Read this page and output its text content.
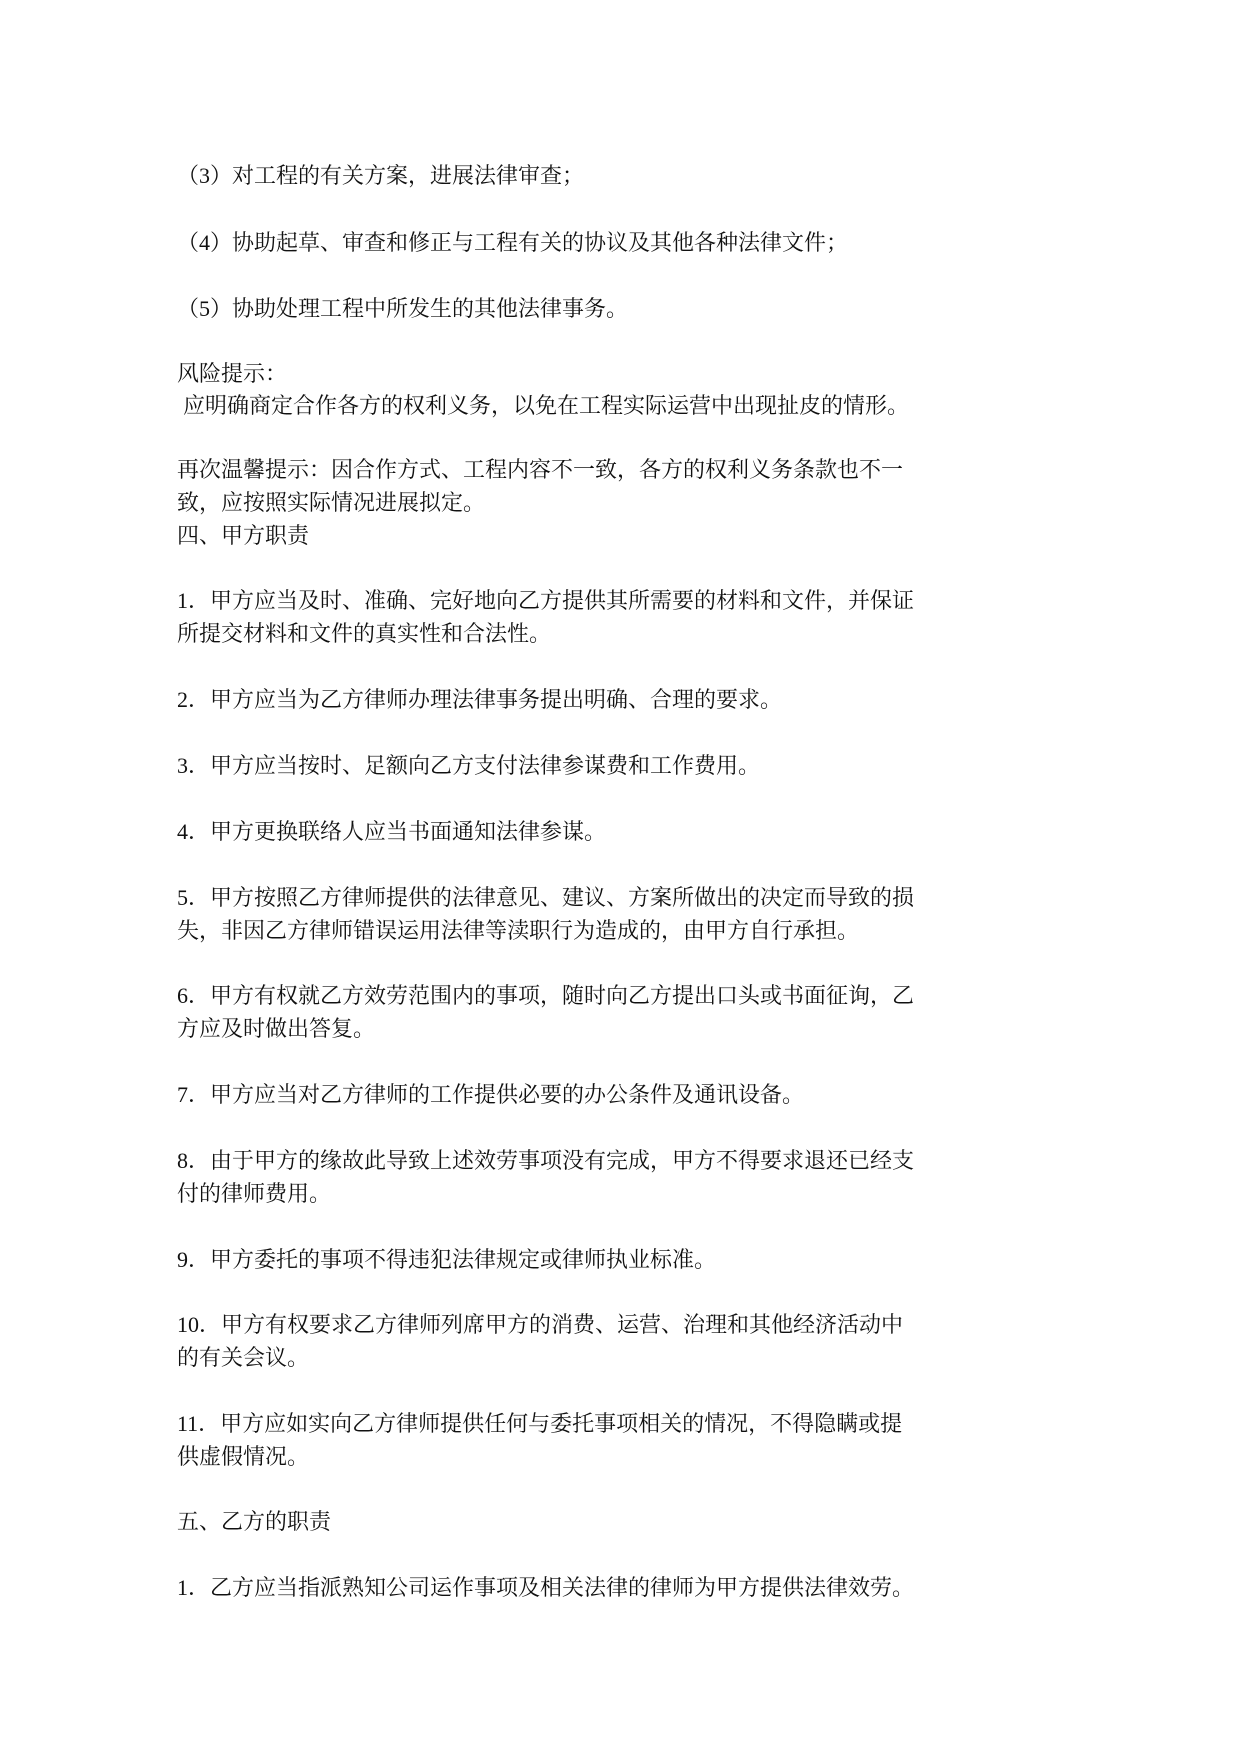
（3）对工程的有关方案，进展法律审查；
（4）协助起草、审查和修正与工程有关的协议及其他各种法律文件；
（5）协助处理工程中所发生的其他法律事务。
风险提示：
应明确商定合作各方的权利义务，以免在工程实际运营中出现扯皮的情形。
再次温馨提示：因合作方式、工程内容不一致，各方的权利义务条款也不一
致，应按照实际情况进展拟定。
四、甲方职责
1．甲方应当及时、准确、完好地向乙方提供其所需要的材料和文件，并保证
所提交材料和文件的真实性和合法性。
2．甲方应当为乙方律师办理法律事务提出明确、合理的要求。
3．甲方应当按时、足额向乙方支付法律参谋费和工作费用。
4．甲方更换联络人应当书面通知法律参谋。
5．甲方按照乙方律师提供的法律意见、建议、方案所做出的决定而导致的损
失，非因乙方律师错误运用法律等渎职行为造成的，由甲方自行承担。
6．甲方有权就乙方效劳范围内的事项，随时向乙方提出口头或书面征询，乙
方应及时做出答复。
7．甲方应当对乙方律师的工作提供必要的办公条件及通讯设备。
8．由于甲方的缘故此导致上述效劳事项没有完成，甲方不得要求退还已经支
付的律师费用。
9．甲方委托的事项不得违犯法律规定或律师执业标准。
10．甲方有权要求乙方律师列席甲方的消费、运营、治理和其他经济活动中
的有关会议。
11．甲方应如实向乙方律师提供任何与委托事项相关的情况，不得隐瞒或提
供虚假情况。
五、乙方的职责
1．乙方应当指派熟知公司运作事项及相关法律的律师为甲方提供法律效劳。
